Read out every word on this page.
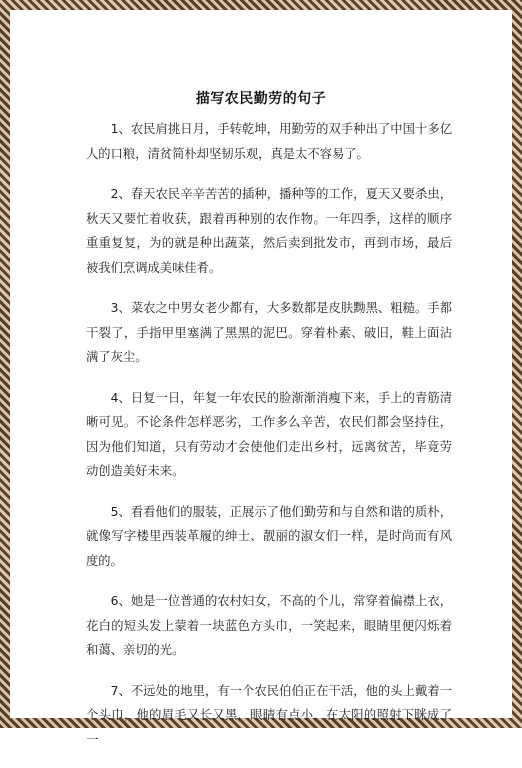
描写农民勤劳的句子

1、农民肩挑日月，手转乾坤，用勤劳的双手种出了中国十多亿人的口粮，清贫简朴却坚韧乐观，真是太不容易了。

2、春天农民辛辛苦苦的插种，播种等的工作，夏天又要杀虫，秋天又要忙着收获，跟着再种别的农作物。一年四季，这样的顺序重重复复，为的就是种出蔬菜，然后卖到批发市，再到市场，最后被我们烹调成美味佳肴。

3、菜农之中男女老少都有，大多数都是皮肤黝黑、粗糙。手都干裂了，手指甲里塞满了黑黑的泥巴。穿着朴素、破旧，鞋上面沾满了灰尘。

4、日复一日，年复一年农民的脸渐渐消瘦下来，手上的青筋清晰可见。不论条件怎样恶劣，工作多么辛苦，农民们都会坚持住，因为他们知道，只有劳动才会使他们走出乡村，远离贫苦，毕竟劳动创造美好未来。

5、看看他们的服装，正展示了他们勤劳和与自然和谐的质朴，就像写字楼里西装革履的绅士、靓丽的淑女们一样，是时尚而有风度的。

6、她是一位普通的农村妇女，不高的个儿，常穿着偏襟上衣，花白的短头发上蒙着一块蓝色方头巾，一笑起来，眼睛里便闪烁着和蔼、亲切的光。

7、不远处的地里，有一个农民伯伯正在干活，他的头上戴着一个头巾，他的眉毛又长又黑，眼睛有点小，在太阳的照射下眯成了一
